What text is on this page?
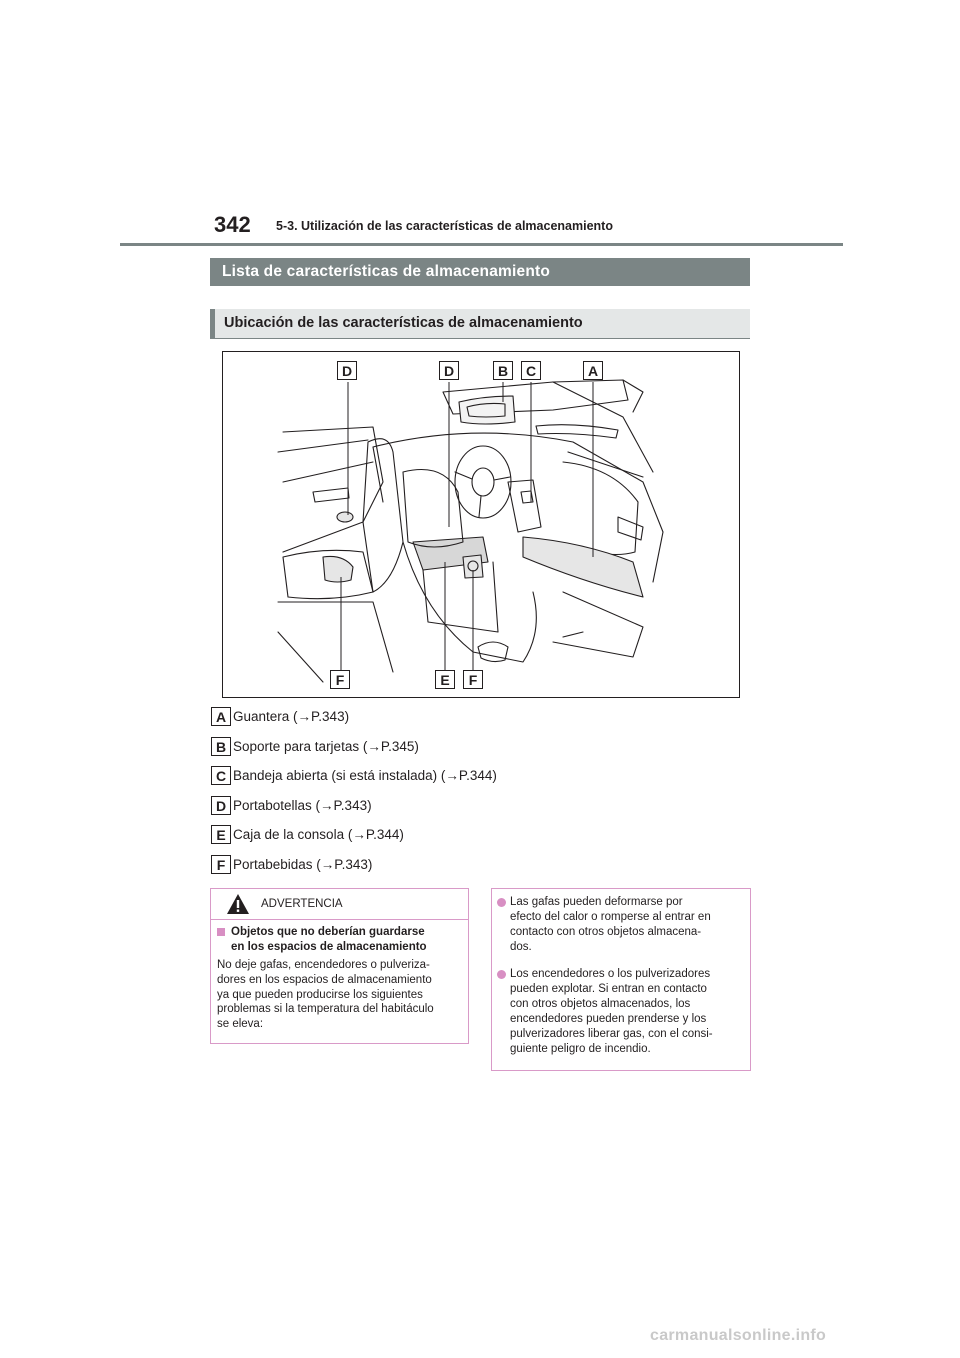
342 5-3. Utilización de las características de almacenamiento
Lista de características de almacenamiento
Ubicación de las características de almacenamiento
D	D	B	C	A
F	E	F
A Guantera (→P.343)
B Soporte para tarjetas (→P.345)
C Bandeja abierta (si está instalada) (→P.344)
D Portabotellas (→P.343)
E Caja de la consola (→P.344)
F Portabebidas (→P.343)
ADVERTENCIA
Objetos que no deberían guardarse
en los espacios de almacenamiento
No deje gafas, encendedores o pulveriza-
dores en los espacios de almacenamiento
ya que pueden producirse los siguientes
problemas si la temperatura del habitáculo
se eleva:
Las gafas pueden deformarse por
efecto del calor o romperse al entrar en
contacto con otros objetos almacena-
dos.
Los encendedores o los pulverizadores
pueden explotar. Si entran en contacto
con otros objetos almacenados, los
encendedores pueden prenderse y los
pulverizadores liberar gas, con el consi-
guiente peligro de incendio.
carmanualsonline.info
